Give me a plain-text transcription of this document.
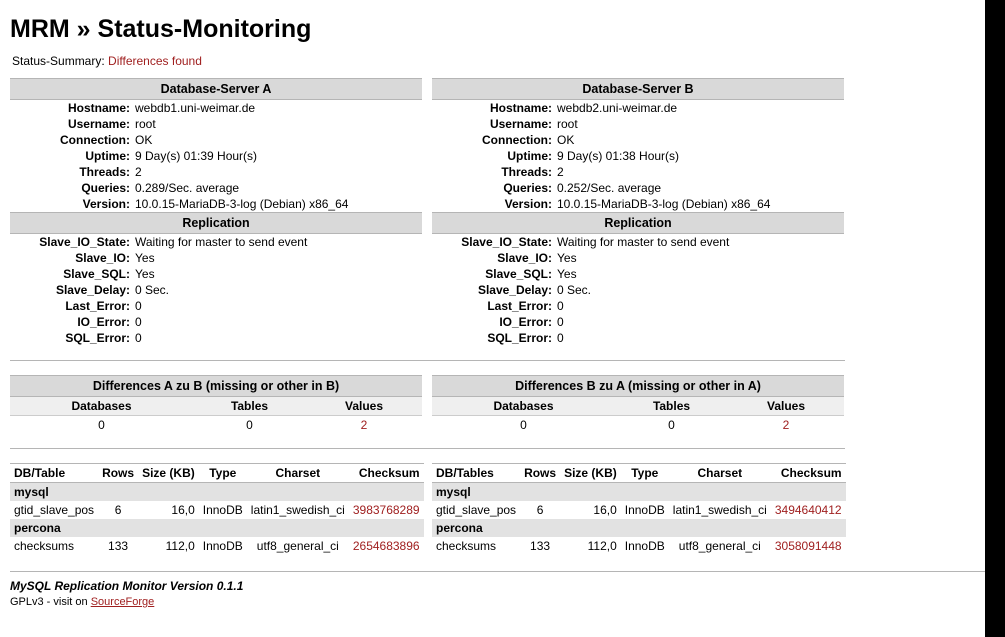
MRM » Status-Monitoring
Status-Summary: Differences found
Database-Server A	
Hostname:	webdb1.uni-weimar.de
Username:	root
Connection:	OK
Uptime:	9 Day(s) 01:39 Hour(s)
Threads:	2
Queries:	0.289/Sec. average
Version:	10.0.15-MariaDB-3-log (Debian) x86_64
Replication	
Slave_IO_State:	Waiting for master to send event
Slave_IO:	Yes
Slave_SQL:	Yes
Slave_Delay:	0 Sec.
Last_Error:	0
IO_Error:	0
SQL_Error:	0
Database-Server B	
Hostname:	webdb2.uni-weimar.de
Username:	root
Connection:	OK
Uptime:	9 Day(s) 01:38 Hour(s)
Threads:	2
Queries:	0.252/Sec. average
Version:	10.0.15-MariaDB-3-log (Debian) x86_64
Replication	
Slave_IO_State:	Waiting for master to send event
Slave_IO:	Yes
Slave_SQL:	Yes
Slave_Delay:	0 Sec.
Last_Error:	0
IO_Error:	0
SQL_Error:	0
Differences A zu B (missing or other in B)		
Databases	Tables	Values
0	0	2
Differences B zu A (missing or other in A)		
Databases	Tables	Values
0	0	2
DB/Table	Rows	Size (KB)	Type	Charset	Checksum
mysql					
gtid_slave_pos	6	16,0	InnoDB	latin1_swedish_ci	3983768289
percona					
checksums	133	112,0	InnoDB	utf8_general_ci	2654683896
DB/Tables	Rows	Size (KB)	Type	Charset	Checksum
mysql					
gtid_slave_pos	6	16,0	InnoDB	latin1_swedish_ci	3494640412
percona					
checksums	133	112,0	InnoDB	utf8_general_ci	3058091448
MySQL Replication Monitor Version 0.1.1
GPLv3 - visit on SourceForge
